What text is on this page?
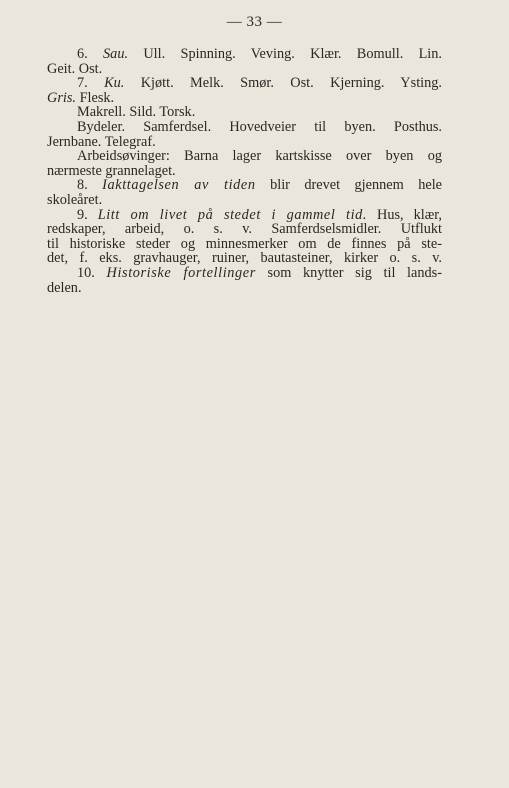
— 33 —
6. Sau. Ull. Spinning. Veving. Klær. Bomull. Lin.
Geit. Ost.
7. Ku. Kjøtt. Melk. Smør. Ost. Kjerning. Ysting.
Gris. Flesk.
Makrell. Sild. Torsk.
Bydeler. Samferdsel. Hovedveier til byen. Posthus.
Jernbane. Telegraf.
Arbeidsøvinger: Barna lager kartskisse over byen og
nærmeste grannelaget.
8. Iakttagelsen av tiden blir drevet gjennem hele
skoleåret.
9. Litt om livet på stedet i gammel tid. Hus, klær,
redskaper, arbeid, o. s. v. Samferdselsmidler. Utflukt
til historiske steder og minnesmerker om de finnes på ste-
det, f. eks. gravhauger, ruiner, bautasteiner, kirker o. s. v.
10. Historiske fortellinger som knytter sig til lands-
delen.
